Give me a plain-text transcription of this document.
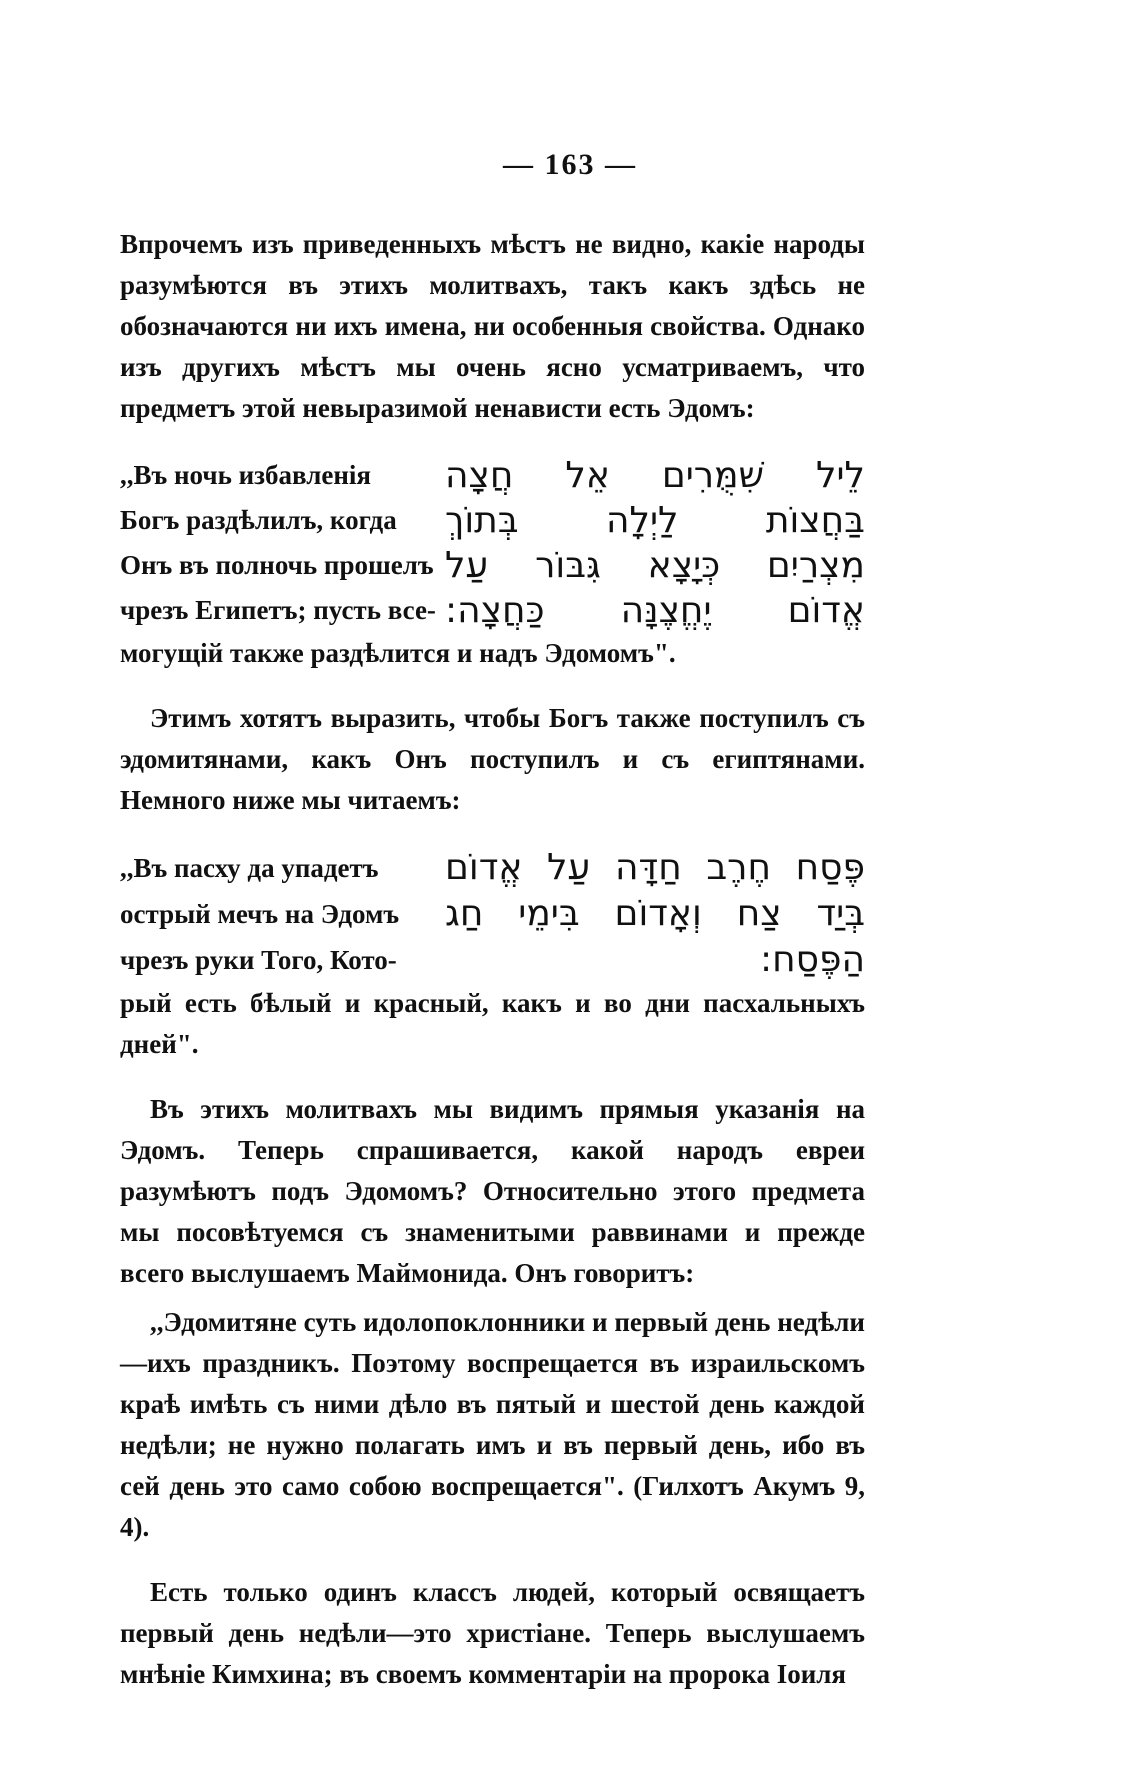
— 163 —

Впрочемъ изъ приведенныхъ мѣстъ не видно, какіе народы разумѣются въ этихъ молитвахъ, такъ какъ здѣсь не обозначаются ни ихъ имена, ни особенныя свойства. Однако изъ другихъ мѣстъ мы очень ясно усматриваемъ, что предметъ этой невыразимой ненависти есть Эдомъ:

,,Въ ночь избавленія
Богъ раздѣлилъ, когда
Онъ въ полночь прошелъ
чрезъ Египетъ; пусть все-
לֵיל שִׁמֻּרִים אֵל חֲצָה
בַּחֲצוֹת לַיְלָה בְּתוֹךְ
מִצְרַיִם כְּיָצָא גִּבּוֹר עַל
אֱדוֹם יֶחֱצֶנָּה כַּחֲצָה:

могущій также раздѣлится и надъ Эдомомъ".

Этимъ хотятъ выразить, чтобы Богъ также поступилъ съ эдомитянами, какъ Онъ поступилъ и съ египтянами. Немного ниже мы читаемъ:

,,Въ пасху да упадетъ
острый мечъ на Эдомъ
чрезъ руки Того, Кото-
פֶּסַח חֶרֶב חַדָּה עַל אֱדוֹם
בְּיַד צַח וְאָדוֹם בִּימֵי חַג
הַפֶּסַח:

рый есть бѣлый и красный, какъ и во дни пасхальныхъ дней".

Въ этихъ молитвахъ мы видимъ прямыя указанія на Эдомъ. Теперь спрашивается, какой народъ евреи разумѣютъ подъ Эдомомъ? Относительно этого предмета мы посовѣтуемся съ знаменитыми раввинами и прежде всего выслушаемъ Маймонида. Онъ говоритъ:

,,Эдомитяне суть идолопоклонники и первый день недѣли—ихъ праздникъ. Поэтому воспрещается въ израильскомъ краѣ имѣть съ ними дѣло въ пятый и шестой день каждой недѣли; не нужно полагать имъ и въ первый день, ибо въ сей день это само собою воспрещается". (Гилхотъ Акумъ 9, 4).

Есть только одинъ классъ людей, который освящаетъ первый день недѣли—это христіане. Теперь выслушаемъ мнѣніе Кимхина; въ своемъ комментаріи на пророка Іоиля
